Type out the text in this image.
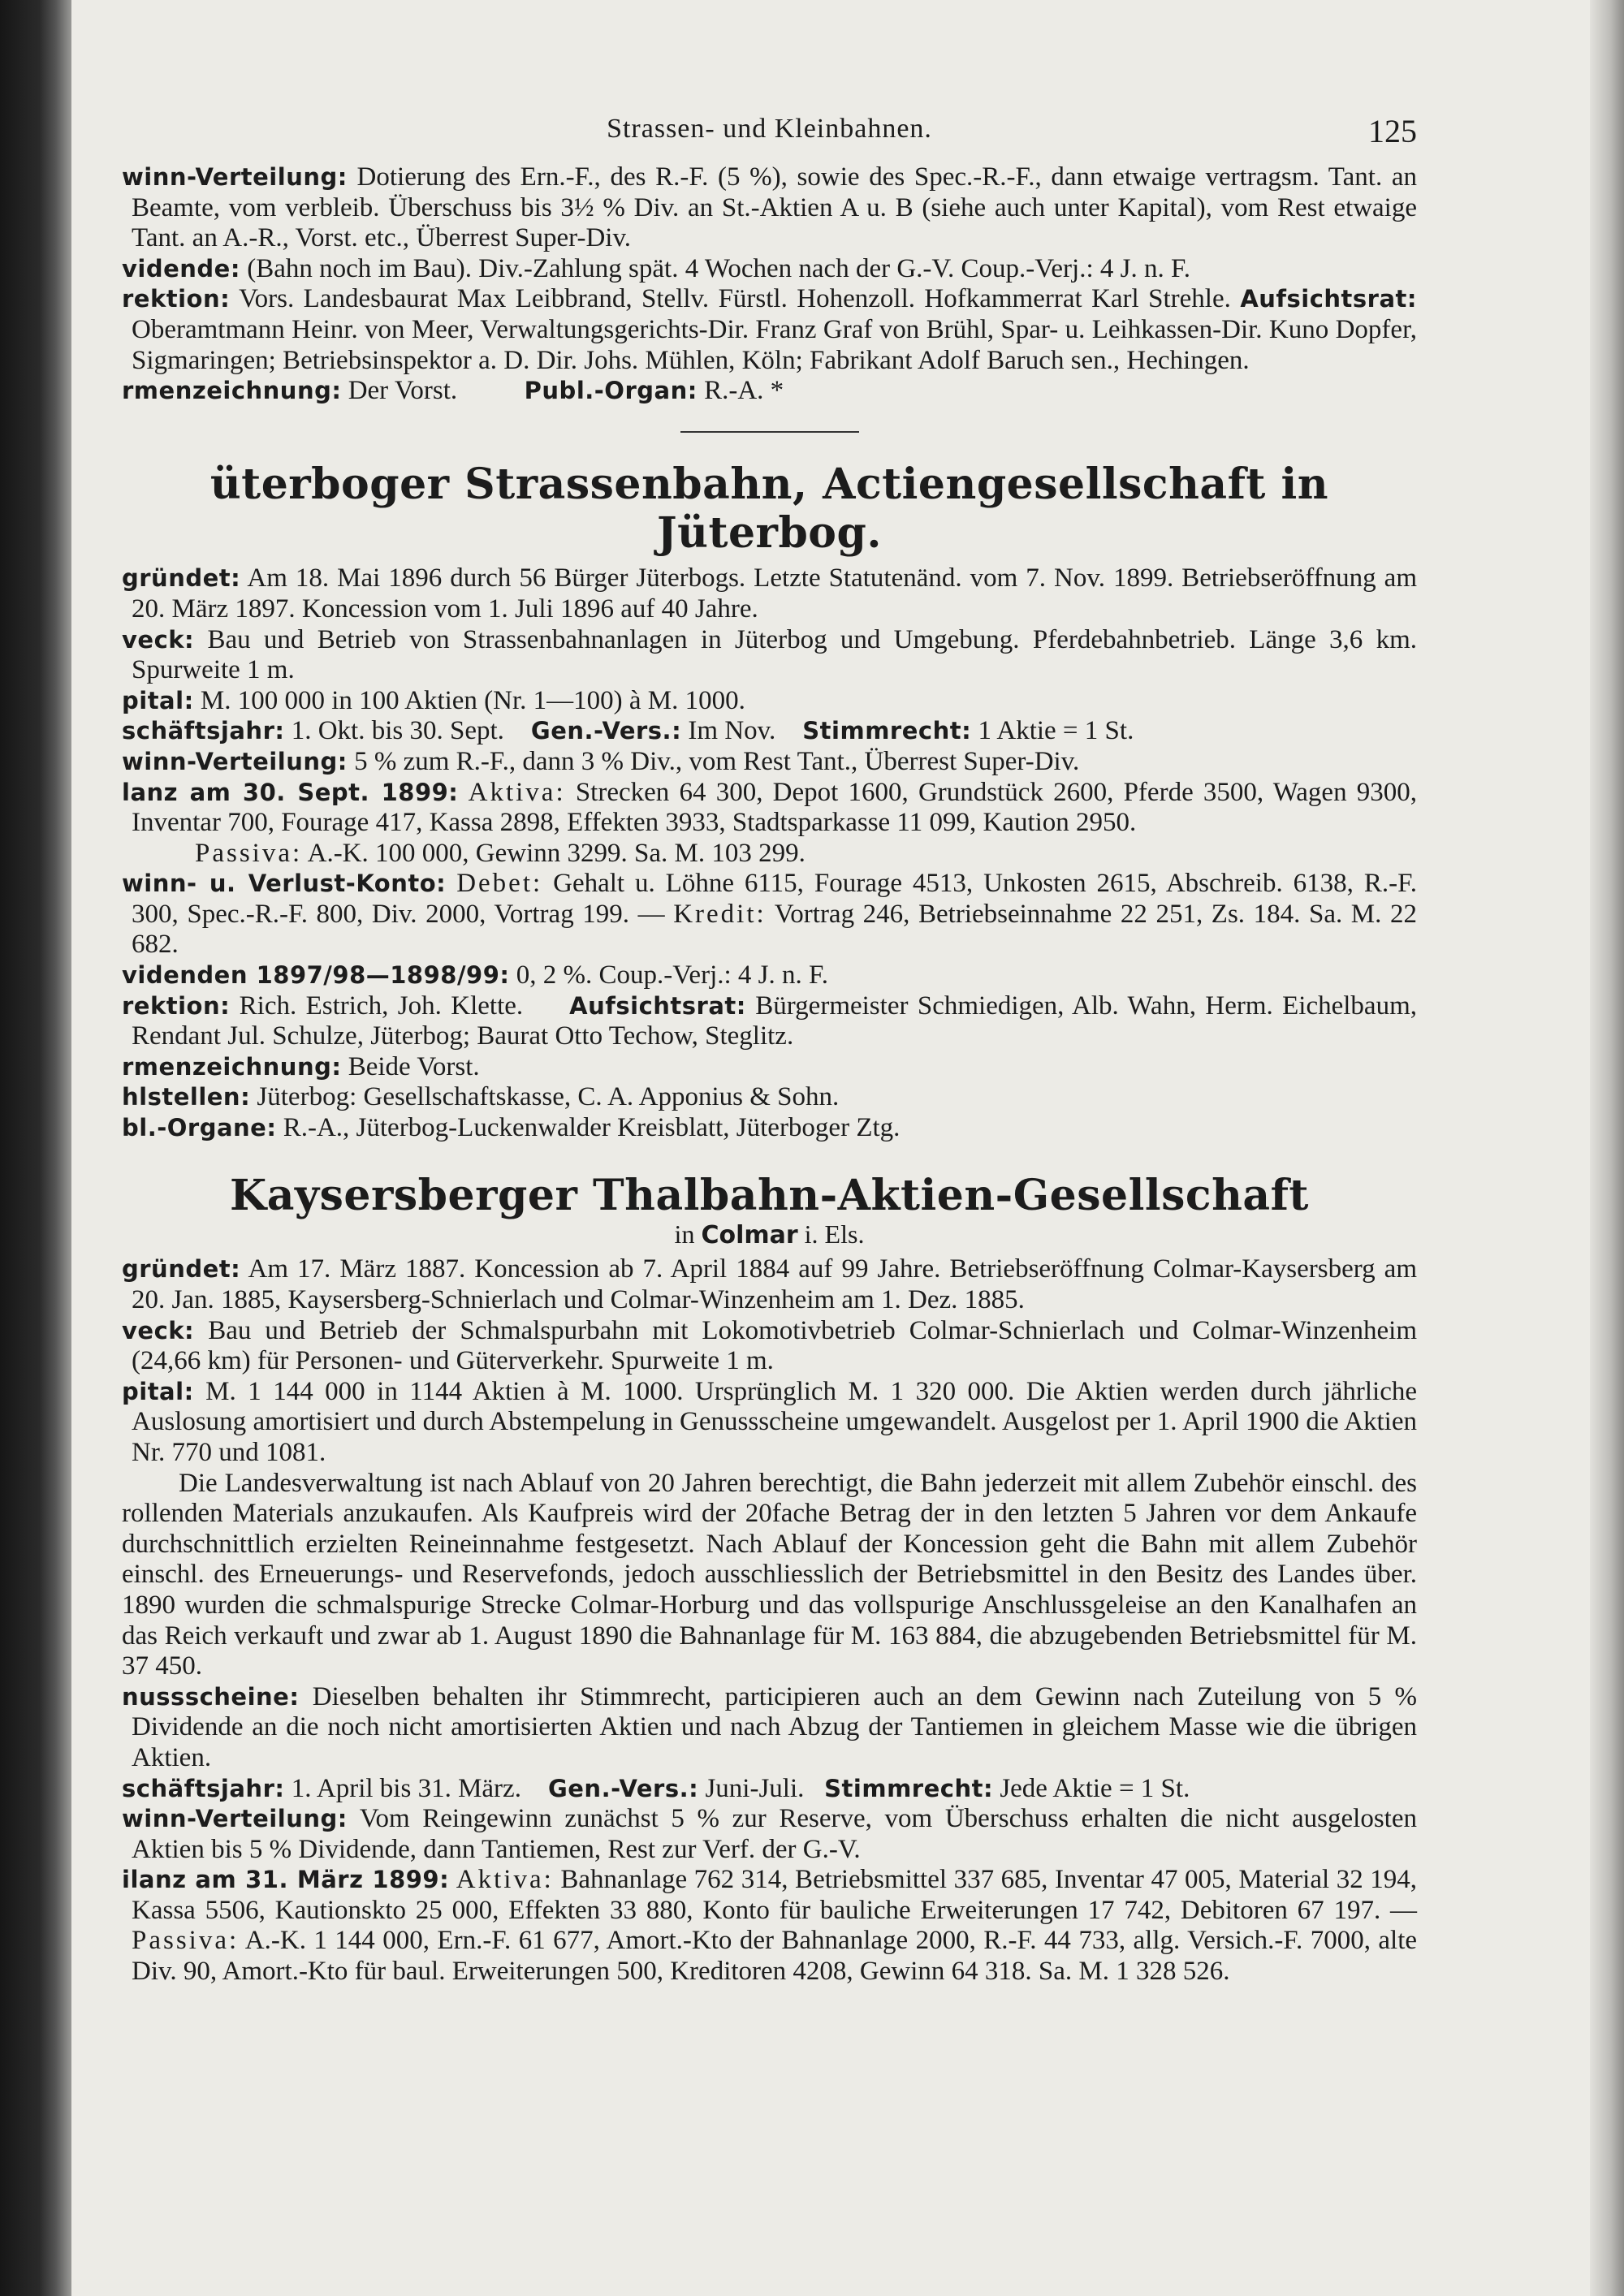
Strassen- und Kleinbahnen.	125

winn-Verteilung: Dotierung des Ern.-F., des R.-F. (5 %), sowie des Spec.-R.-F., dann etwaige vertragsm. Tant. an Beamte, vom verbleib. Überschuss bis 3½ % Div. an St.-Aktien A u. B (siehe auch unter Kapital), vom Rest etwaige Tant. an A.-R., Vorst. etc., Überrest Super-Div.

vidende: (Bahn noch im Bau). Div.-Zahlung spät. 4 Wochen nach der G.-V. Coup.-Verj.: 4 J. n. F.

rektion: Vors. Landesbaurat Max Leibbrand, Stellv. Fürstl. Hohenzoll. Hofkammerrat Karl Strehle. Aufsichtsrat: Oberamtmann Heinr. von Meer, Verwaltungsgerichts-Dir. Franz Graf von Brühl, Spar- u. Leihkassen-Dir. Kuno Dopfer, Sigmaringen; Betriebsinspektor a. D. Dir. Johs. Mühlen, Köln; Fabrikant Adolf Baruch sen., Hechingen.

rmenzeichnung: Der Vorst.	Publ.-Organ: R.-A. *

üterboger Strassenbahn, Actiengesellschaft in Jüterbog.

gründet: Am 18. Mai 1896 durch 56 Bürger Jüterbogs. Letzte Statutenänd. vom 7. Nov. 1899. Betriebseröffnung am 20. März 1897. Koncession vom 1. Juli 1896 auf 40 Jahre.

veck: Bau und Betrieb von Strassenbahnanlagen in Jüterbog und Umgebung. Pferdebahnbetrieb. Länge 3,6 km. Spurweite 1 m.

pital: M. 100 000 in 100 Aktien (Nr. 1—100) à M. 1000.

schäftsjahr: 1. Okt. bis 30. Sept. Gen.-Vers.: Im Nov. Stimmrecht: 1 Aktie = 1 St.

winn-Verteilung: 5 % zum R.-F., dann 3 % Div., vom Rest Tant., Überrest Super-Div.

lanz am 30. Sept. 1899: Aktiva: Strecken 64 300, Depot 1600, Grundstück 2600, Pferde 3500, Wagen 9300, Inventar 700, Fourage 417, Kassa 2898, Effekten 3933, Stadtsparkasse 11 099, Kaution 2950.

Passiva: A.-K. 100 000, Gewinn 3299. Sa. M. 103 299.

winn- u. Verlust-Konto: Debet: Gehalt u. Löhne 6115, Fourage 4513, Unkosten 2615, Abschreib. 6138, R.-F. 300, Spec.-R.-F. 800, Div. 2000, Vortrag 199. — Kredit: Vortrag 246, Betriebseinnahme 22 251, Zs. 184. Sa. M. 22 682.

videnden 1897/98—1898/99: 0, 2 %. Coup.-Verj.: 4 J. n. F.

rektion: Rich. Estrich, Joh. Klette. Aufsichtsrat: Bürgermeister Schmiedigen, Alb. Wahn, Herm. Eichelbaum, Rendant Jul. Schulze, Jüterbog; Baurat Otto Techow, Steglitz.

rmenzeichnung: Beide Vorst.

hlstellen: Jüterbog: Gesellschaftskasse, C. A. Apponius & Sohn.

bl.-Organe: R.-A., Jüterbog-Luckenwalder Kreisblatt, Jüterboger Ztg.

Kaysersberger Thalbahn-Aktien-Gesellschaft

in Colmar i. Els.

gründet: Am 17. März 1887. Koncession ab 7. April 1884 auf 99 Jahre. Betriebseröffnung Colmar-Kaysersberg am 20. Jan. 1885, Kaysersberg-Schnierlach und Colmar-Winzenheim am 1. Dez. 1885.

veck: Bau und Betrieb der Schmalspurbahn mit Lokomotivbetrieb Colmar-Schnierlach und Colmar-Winzenheim (24,66 km) für Personen- und Güterverkehr. Spurweite 1 m.

pital: M. 1 144 000 in 1144 Aktien à M. 1000. Ursprünglich M. 1 320 000. Die Aktien werden durch jährliche Auslosung amortisiert und durch Abstempelung in Genussscheine umgewandelt. Ausgelost per 1. April 1900 die Aktien Nr. 770 und 1081.

Die Landesverwaltung ist nach Ablauf von 20 Jahren berechtigt, die Bahn jederzeit mit allem Zubehör einschl. des rollenden Materials anzukaufen. Als Kaufpreis wird der 20fache Betrag der in den letzten 5 Jahren vor dem Ankaufe durchschnittlich erzielten Reineinnahme festgesetzt. Nach Ablauf der Koncession geht die Bahn mit allem Zubehör einschl. des Erneuerungs- und Reservefonds, jedoch ausschliesslich der Betriebsmittel in den Besitz des Landes über. 1890 wurden die schmalspurige Strecke Colmar-Horburg und das vollspurige Anschlussgeleise an den Kanalhafen an das Reich verkauft und zwar ab 1. August 1890 die Bahnanlage für M. 163 884, die abzugebenden Betriebsmittel für M. 37 450.

nussscheine: Dieselben behalten ihr Stimmrecht, participieren auch an dem Gewinn nach Zuteilung von 5 % Dividende an die noch nicht amortisierten Aktien und nach Abzug der Tantiemen in gleichem Masse wie die übrigen Aktien.

schäftsjahr: 1. April bis 31. März. Gen.-Vers.: Juni-Juli. Stimmrecht: Jede Aktie = 1 St.

winn-Verteilung: Vom Reingewinn zunächst 5 % zur Reserve, vom Überschuss erhalten die nicht ausgelosten Aktien bis 5 % Dividende, dann Tantiemen, Rest zur Verf. der G.-V.

ilanz am 31. März 1899: Aktiva: Bahnanlage 762 314, Betriebsmittel 337 685, Inventar 47 005, Material 32 194, Kassa 5506, Kautionskto 25 000, Effekten 33 880, Konto für bauliche Erweiterungen 17 742, Debitoren 67 197. — Passiva: A.-K. 1 144 000, Ern.-F. 61 677, Amort.-Kto der Bahnanlage 2000, R.-F. 44 733, allg. Versich.-F. 7000, alte Div. 90, Amort.-Kto für baul. Erweiterungen 500, Kreditoren 4208, Gewinn 64 318. Sa. M. 1 328 526.
